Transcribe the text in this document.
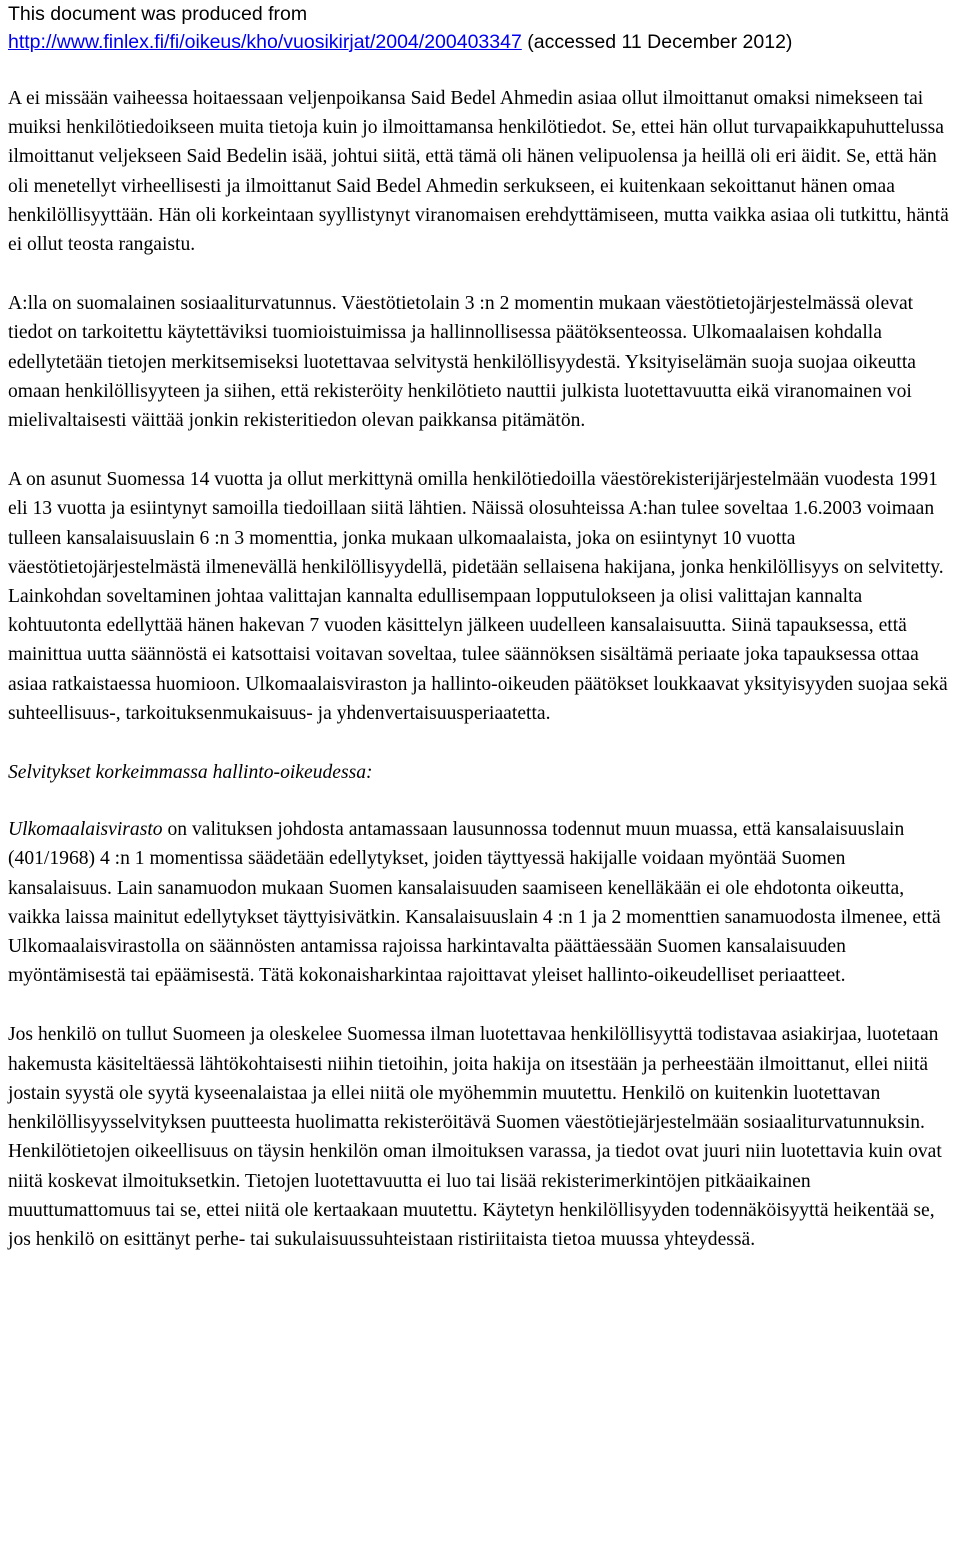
This document was produced from

http://www.finlex.fi/fi/oikeus/kho/vuosikirjat/2004/200403347 (accessed 11 December 2012)

A ei missään vaiheessa hoitaessaan veljenpoikansa Said Bedel Ahmedin asiaa ollut ilmoittanut omaksi nimekseen tai muiksi henkilötiedoikseen muita tietoja kuin jo ilmoittamansa henkilötiedot. Se, ettei hän ollut turvapaikkapuhuttelussa ilmoittanut veljekseen Said Bedelin isää, johtui siitä, että tämä oli hänen velipuolensa ja heillä oli eri äidit. Se, että hän oli menetellyt virheellisesti ja ilmoittanut Said Bedel Ahmedin serkukseen, ei kuitenkaan sekoittanut hänen omaa henkilöllisyyttään. Hän oli korkeintaan syyllistynyt viranomaisen erehdyttämiseen, mutta vaikka asiaa oli tutkittu, häntä ei ollut teosta rangaistu.

A:lla on suomalainen sosiaaliturvatunnus. Väestötietolain 3 :n 2 momentin mukaan väestötietojärjestelmässä olevat tiedot on tarkoitettu käytettäviksi tuomioistuimissa ja hallinnollisessa päätöksenteossa. Ulkomaalaisen kohdalla edellytetään tietojen merkitsemiseksi luotettavaa selvitystä henkilöllisyydestä. Yksityiselämän suoja suojaa oikeutta omaan henkilöllisyyteen ja siihen, että rekisteröity henkilötieto nauttii julkista luotettavuutta eikä viranomainen voi mielivaltaisesti väittää jonkin rekisteritiedon olevan paikkansa pitämätön.

A on asunut Suomessa 14 vuotta ja ollut merkittynä omilla henkilötiedoilla väestörekisterijärjestelmään vuodesta 1991 eli 13 vuotta ja esiintynyt samoilla tiedoillaan siitä lähtien. Näissä olosuhteissa A:han tulee soveltaa 1.6.2003 voimaan tulleen kansalaisuuslain 6 :n 3 momenttia, jonka mukaan ulkomaalaista, joka on esiintynyt 10 vuotta väestötietojärjestelmästä ilmenevällä henkilöllisyydellä, pidetään sellaisena hakijana, jonka henkilöllisyys on selvitetty. Lainkohdan soveltaminen johtaa valittajan kannalta edullisempaan lopputulokseen ja olisi valittajan kannalta kohtuutonta edellyttää hänen hakevan 7 vuoden käsittelyn jälkeen uudelleen kansalaisuutta. Siinä tapauksessa, että mainittua uutta säännöstä ei katsottaisi voitavan soveltaa, tulee säännöksen sisältämä periaate joka tapauksessa ottaa asiaa ratkaistaessa huomioon. Ulkomaalaisviraston ja hallinto-oikeuden päätökset loukkaavat yksityisyyden suojaa sekä suhteellisuus-, tarkoituksenmukaisuus- ja yhdenvertaisuusperiaatetta.

Selvitykset korkeimmassa hallinto-oikeudessa:

Ulkomaalaisvirasto on valituksen johdosta antamassaan lausunnossa todennut muun muassa, että kansalaisuuslain (401/1968) 4 :n 1 momentissa säädetään edellytykset, joiden täyttyessä hakijalle voidaan myöntää Suomen kansalaisuus. Lain sanamuodon mukaan Suomen kansalaisuuden saamiseen kenelläkään ei ole ehdotonta oikeutta, vaikka laissa mainitut edellytykset täyttyisivätkin. Kansalaisuuslain 4 :n 1 ja 2 momenttien sanamuodosta ilmenee, että Ulkomaalaisvirastolla on säännösten antamissa rajoissa harkintavalta päättäessään Suomen kansalaisuuden myöntämisestä tai epäämisestä. Tätä kokonaisharkintaa rajoittavat yleiset hallinto-oikeudelliset periaatteet.

Jos henkilö on tullut Suomeen ja oleskelee Suomessa ilman luotettavaa henkilöllisyyttä todistavaa asiakirjaa, luotetaan hakemusta käsiteltäessä lähtökohtaisesti niihin tietoihin, joita hakija on itsestään ja perheestään ilmoittanut, ellei niitä jostain syystä ole syytä kyseenalaistaa ja ellei niitä ole myöhemmin muutettu. Henkilö on kuitenkin luotettavan henkilöllisyysselvityksen puutteesta huolimatta rekisteröitävä Suomen väestötiejärjestelmään sosiaaliturvatunnuksin. Henkilötietojen oikeellisuus on täysin henkilön oman ilmoituksen varassa, ja tiedot ovat juuri niin luotettavia kuin ovat niitä koskevat ilmoituksetkin. Tietojen luotettavuutta ei luo tai lisää rekisterimerkintöjen pitkäaikainen muuttumattomuus tai se, ettei niitä ole kertaakaan muutettu. Käytetyn henkilöllisyyden todennäköisyyttä heikentää se, jos henkilö on esittänyt perhe- tai sukulaisuussuhteistaan ristiriitaista tietoa muussa yhteydessä.
